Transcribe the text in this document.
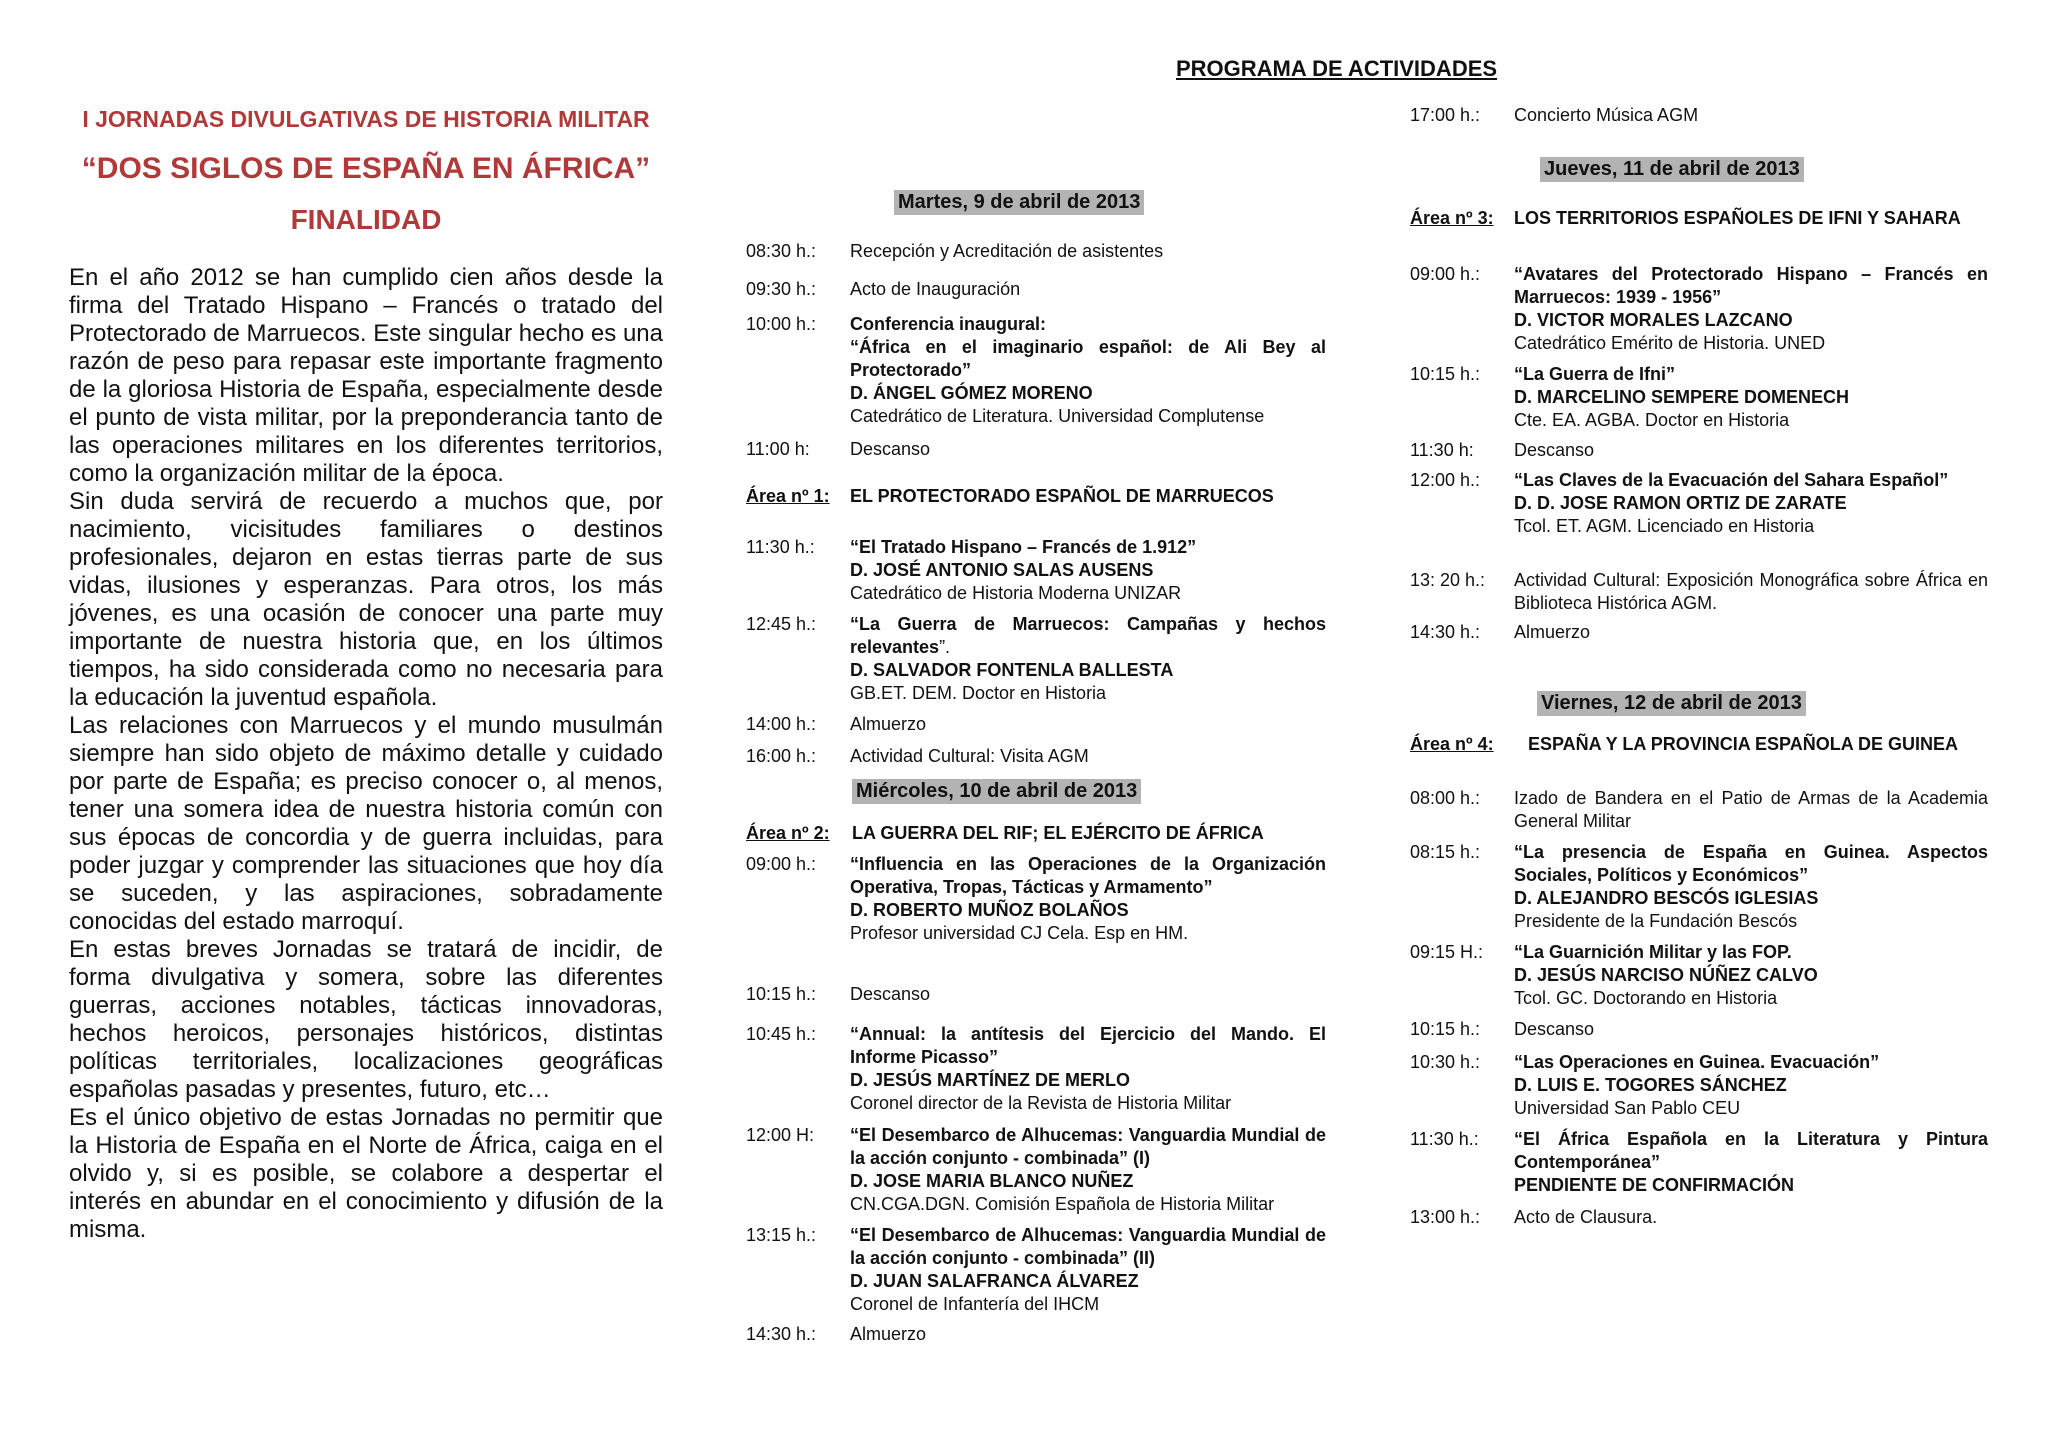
I JORNADAS DIVULGATIVAS DE HISTORIA MILITAR
“DOS SIGLOS DE ESPAÑA EN ÁFRICA”
FINALIDAD

En el año 2012 se han cumplido cien años desde la firma del Tratado Hispano – Francés o tratado del Protectorado de Marruecos. Este singular hecho es una razón de peso para repasar este importante fragmento de la gloriosa Historia de España, especialmente desde el punto de vista militar, por la preponderancia tanto de las operaciones militares en los diferentes territorios, como la organización militar de la época.

Sin duda servirá de recuerdo a muchos que, por nacimiento, vicisitudes familiares o destinos profesionales, dejaron en estas tierras parte de sus vidas, ilusiones y esperanzas. Para otros, los más jóvenes, es una ocasión de conocer una parte muy importante de nuestra historia que, en los últimos tiempos, ha sido considerada como no necesaria para la educación la juventud española.

Las relaciones con Marruecos y el mundo musulmán siempre han sido objeto de máximo detalle y cuidado por parte de España; es preciso conocer o, al menos, tener una somera idea de nuestra historia común con sus épocas de concordia y de guerra incluidas, para poder juzgar y comprender las situaciones que hoy día se suceden, y las aspiraciones, sobradamente conocidas del estado marroquí.

En estas breves Jornadas se tratará de incidir, de forma divulgativa y somera, sobre las diferentes guerras, acciones notables, tácticas innovadoras, hechos heroicos, personajes históricos, distintas políticas territoriales, localizaciones geográficas españolas pasadas y presentes, futuro, etc…

Es el único objetivo de estas Jornadas no permitir que la Historia de España en el Norte de África, caiga en el olvido y, si es posible, se colabore a despertar el interés en abundar en el conocimiento y difusión de la misma.

PROGRAMA DE ACTIVIDADES
Martes, 9 de abril de 2013
08:30 h.:	Recepción y Acreditación de asistentes
09:30 h.:	Acto de Inauguración
10:00 h.:	Conferencia inaugural:
“África en el imaginario español: de Ali Bey al Protectorado”
D. ÁNGEL GÓMEZ MORENO
Catedrático de Literatura. Universidad Complutense
11:00 h:	Descanso
Área nº 1: EL PROTECTORADO ESPAÑOL DE MARRUECOS
11:30 h.:	“El Tratado Hispano – Francés de 1.912”
D. JOSÉ ANTONIO SALAS AUSENS
Catedrático de Historia Moderna UNIZAR
12:45 h.:	“La Guerra de Marruecos: Campañas y hechos relevantes”.
D. SALVADOR FONTENLA BALLESTA
GB.ET. DEM. Doctor en Historia
14:00 h.:	Almuerzo
16:00 h.:	Actividad Cultural: Visita AGM
Miércoles, 10 de abril de 2013
Área nº 2: LA GUERRA DEL RIF; EL EJÉRCITO DE ÁFRICA
09:00 h.:	“Influencia en las Operaciones de la Organización Operativa, Tropas, Tácticas y Armamento”
D. ROBERTO MUÑOZ BOLAÑOS
Profesor universidad CJ Cela. Esp en HM.
10:15 h.:	Descanso
10:45 h.:	“Annual: la antítesis del Ejercicio del Mando. El Informe Picasso”
D. JESÚS MARTÍNEZ DE MERLO
Coronel director de la Revista de Historia Militar
12:00 H:	“El Desembarco de Alhucemas: Vanguardia Mundial de la acción conjunto - combinada” (I)
D. JOSE MARIA BLANCO NUÑEZ
CN.CGA.DGN. Comisión Española de Historia Militar
13:15 h.:	“El Desembarco de Alhucemas: Vanguardia Mundial de la acción conjunto - combinada” (II)
D. JUAN SALAFRANCA ÁLVAREZ
Coronel de Infantería del IHCM
14:30 h.:	Almuerzo
17:00 h.:	Concierto Música AGM
Jueves, 11 de abril de 2013
Área nº 3: LOS TERRITORIOS ESPAÑOLES DE IFNI Y SAHARA
09:00 h.:	“Avatares del Protectorado Hispano – Francés en Marruecos: 1939 - 1956”
D. VICTOR MORALES LAZCANO
Catedrático Emérito de Historia. UNED
10:15 h.:	“La Guerra de Ifni”
D. MARCELINO SEMPERE DOMENECH
Cte. EA. AGBA. Doctor en Historia
11:30 h:	Descanso
12:00 h.:	“Las Claves de la Evacuación del Sahara Español”
D. D. JOSE RAMON ORTIZ DE ZARATE
Tcol. ET. AGM. Licenciado en Historia
13: 20 h.:	Actividad Cultural: Exposición Monográfica sobre África en Biblioteca Histórica AGM.
14:30 h.:	Almuerzo
Viernes, 12 de abril de 2013
Área nº 4: ESPAÑA Y LA PROVINCIA ESPAÑOLA DE GUINEA
08:00 h.:	Izado de Bandera en el Patio de Armas de la Academia General Militar
08:15 h.:	“La presencia de España en Guinea. Aspectos Sociales, Políticos y Económicos”
D. ALEJANDRO BESCÓS IGLESIAS
Presidente de la Fundación Bescós
09:15 H.:	“La Guarnición Militar y las FOP.
D. JESÚS NARCISO NÚÑEZ CALVO
Tcol. GC. Doctorando en Historia
10:15 h.:	Descanso
10:30 h.:	“Las Operaciones en Guinea. Evacuación”
D. LUIS E. TOGORES SÁNCHEZ
Universidad San Pablo CEU
11:30 h.:	“El África Española en la Literatura y Pintura Contemporánea”
PENDIENTE DE CONFIRMACIÓN
13:00 h.:	Acto de Clausura.
